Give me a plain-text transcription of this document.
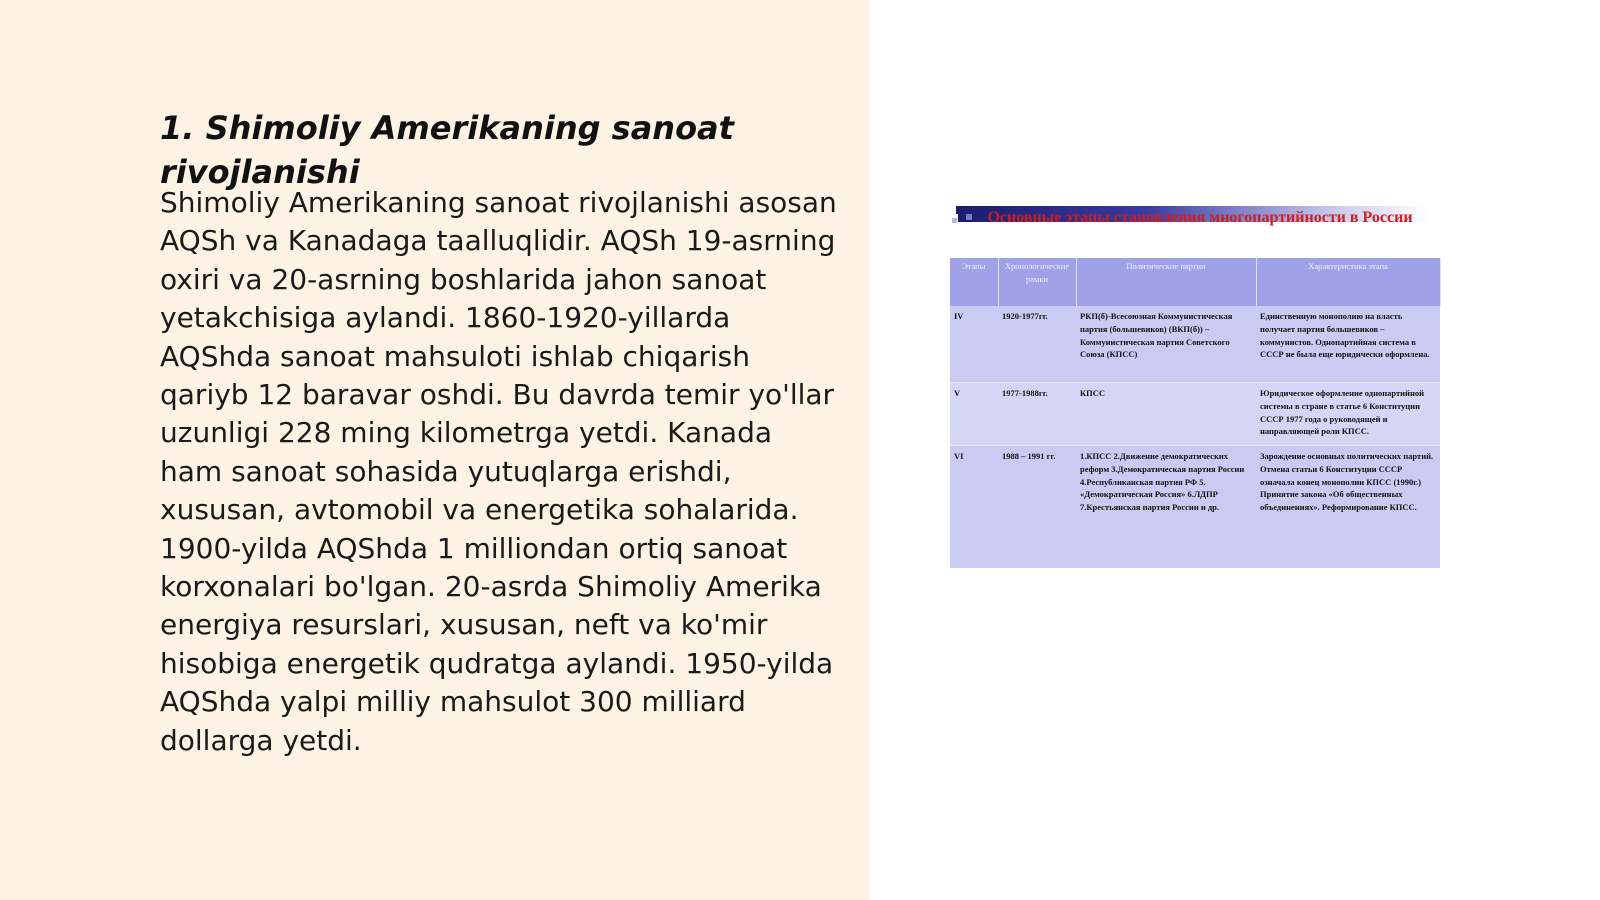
1. Shimoliy Amerikaning sanoat rivojlanishi

Shimoliy Amerikaning sanoat rivojlanishi asosan AQSh va Kanadaga taalluqlidir. AQSh 19-asrning oxiri va 20-asrning boshlarida jahon sanoat yetakchisiga aylandi. 1860-1920-yillarda AQShda sanoat mahsuloti ishlab chiqarish qariyb 12 baravar oshdi. Bu davrda temir yo'llar uzunligi 228 ming kilometrga yetdi. Kanada ham sanoat sohasida yutuqlarga erishdi, xususan, avtomobil va energetika sohalarida. 1900-yilda AQShda 1 milliondan ortiq sanoat korxonalari bo'lgan. 20-asrda Shimoliy Amerika energiya resurslari, xususan, neft va ko'mir hisobiga energetik qudratga aylandi. 1950-yilda AQShda yalpi milliy mahsulot 300 milliard dollarga yetdi.

Основные этапы становления многопартийности в России
Этапы	Хронологические рамки	Политические партии	Характеристика этапа
IV	1920-1977гг.	РКП(б)-Всесоюзная Коммунистическая партия (большевиков) (ВКП(б)) – Коммунистическая партия Советского Союза (КПСС)	Единственную монополию на власть получает партия большевиков – коммунистов. Однопартийная система в СССР не была еще юридически оформлена.
V	1977-1988гг.	КПСС	Юридическое оформление однопартийной системы в стране в статье 6 Конституции СССР 1977 года о руководящей и направляющей роли КПСС.
VI	1988 – 1991 гг.	1.КПСС 2.Движение демократических реформ 3.Демократическая партия России 4.Республиканская партия РФ 5. «Демократическая Россия» 6.ЛДПР 7.Крестьянская партия России и др.	Зарождение основных политических партий. Отмена статьи 6 Конституции СССР означала конец монополии КПСС (1990г.) Принятие закона «Об общественных объединениях». Реформирование КПСС.
